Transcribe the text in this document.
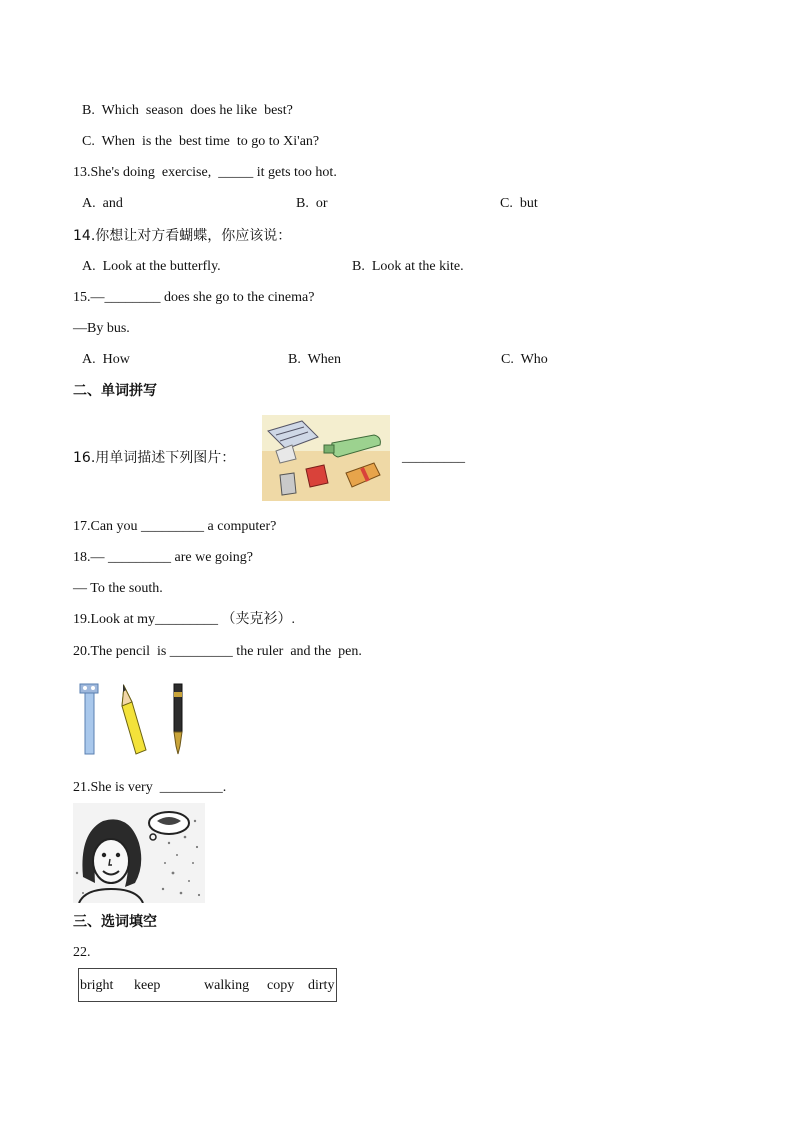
B.  Which  season  does he like  best?
C.  When  is the  best time  to go to Xi'an?
13.She's doing  exercise,  _____ it gets too hot.
A.  and	B.  or	C.  but
14.你想让对方看蝴蝶，你应该说：
A.  Look at the butterfly.	B.  Look at the kite.
15.—________ does she go to the cinema?
—By bus.
A.  How	B.  When	C.  Who
二、单词拼写
16.用单词描述下列图片：	_________
17.Can you _________ a computer?
18.— _________ are we going?
— To the south.
19.Look at my_________ （夹克衫）.
20.The pencil  is _________ the ruler  and the  pen.
21.She is very  _________.
三、选词填空
22.
bright keep	walking copy dirty
